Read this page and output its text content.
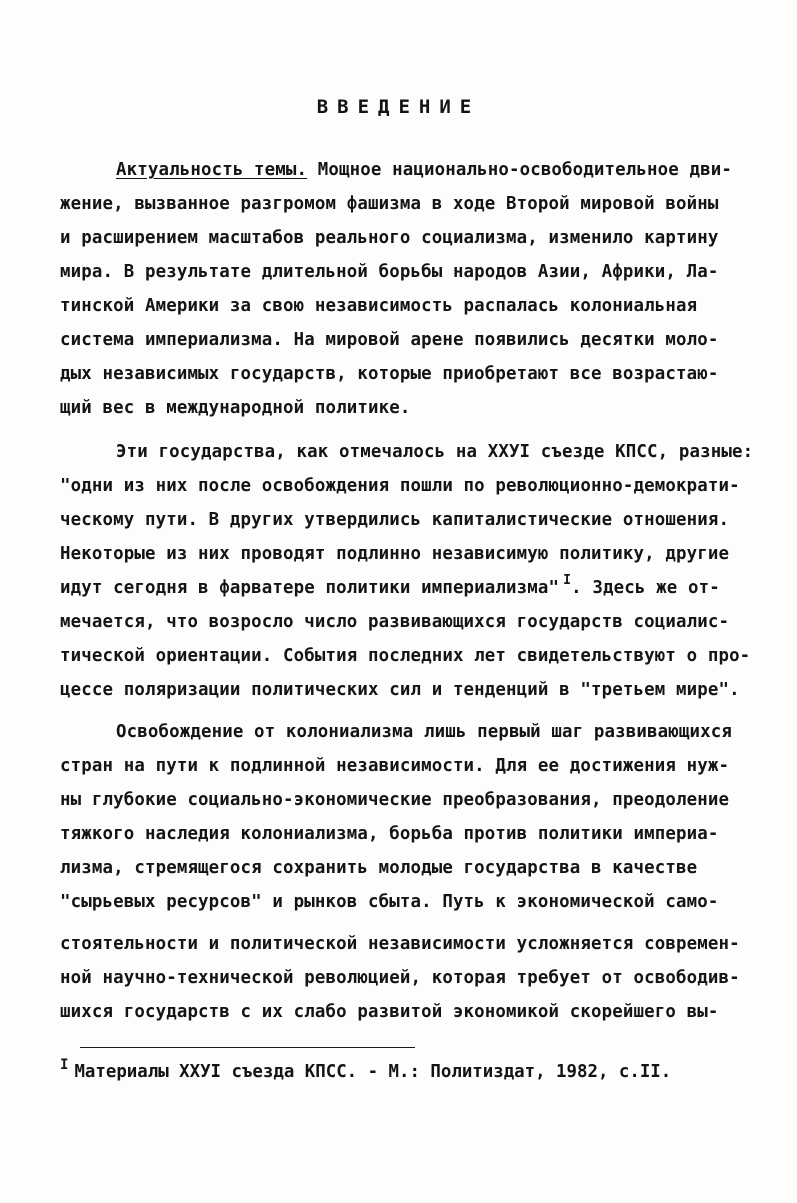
ВВЕДЕНИЕ
Актуальность темы. Мощное национально-освободительное дви-
жение, вызванное разгромом фашизма в ходе Второй мировой войны
и расширением масштабов реального социализма, изменило картину
мира. В результате длительной борьбы народов Азии, Африки, Ла-
тинской Америки за свою независимость распалась колониальная
система империализма. На мировой арене появились десятки моло-
дых независимых государств, которые приобретают все возрастаю-
щий вес в международной политике.
Эти государства, как отмечалось на ХХУI съезде КПСС, разные:
"одни из них после освобождения пошли по революционно-демократи-
ческому пути. В других утвердились капиталистические отношения.
Некоторые из них проводят подлинно независимую политику, другие
идут сегодня в фарватере политики империализма" $^I$. Здесь же от-
мечается, что возросло число развивающихся государств социалис-
тической ориентации. События последних лет свидетельствуют о про-
цессе поляризации политических сил и тенденций в "третьем мире".
Освобождение от колониализма лишь первый шаг развивающихся
стран на пути к подлинной независимости. Для ее достижения нуж-
ны глубокие социально-экономические преобразования, преодоление
тяжкого наследия колониализма, борьба против политики империа-
лизма, стремящегося сохранить молодые государства в качестве
"сырьевых ресурсов" и рынков сбыта. Путь к экономической само-
стоятельности и политической независимости усложняется современ-
ной научно-технической революцией, которая требует от освободив-
шихся государств с их слабо развитой экономикой скорейшего вы-
$^I$ Материалы ХХУI съезда КПСС. - М.: Политиздат, 1982, с.II.
